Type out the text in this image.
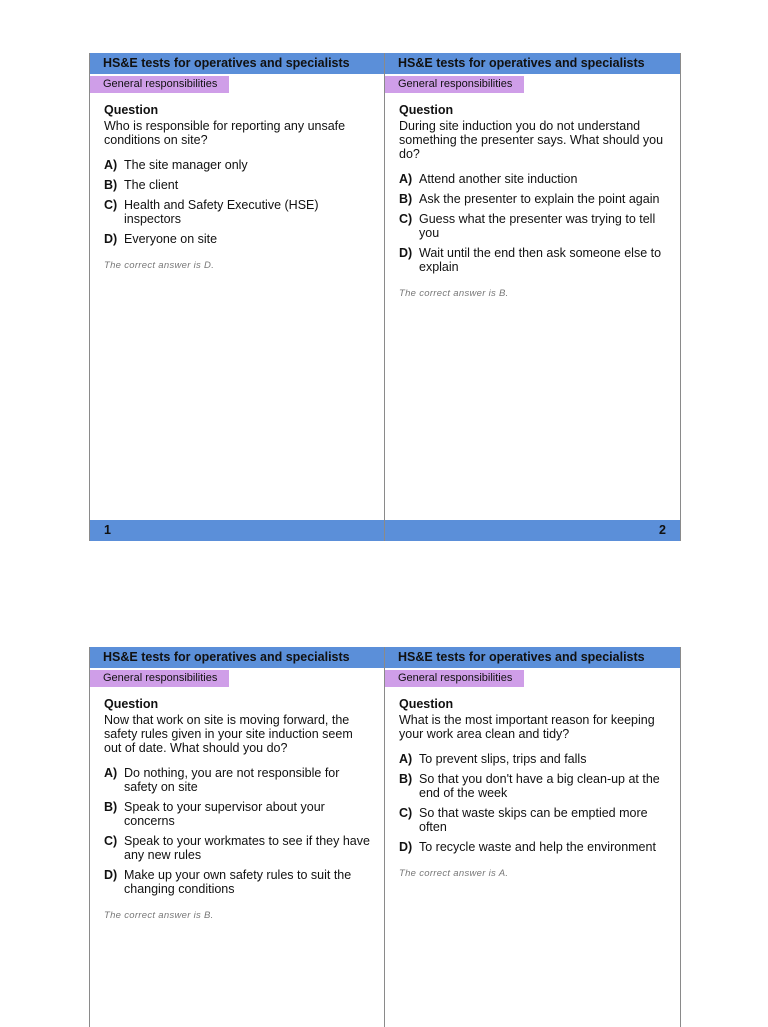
HS&E tests for operatives and specialists
General responsibilities
Question
Who is responsible for reporting any unsafe conditions on site?
A) The site manager only
B) The client
C) Health and Safety Executive (HSE) inspectors
D) Everyone on site
The correct answer is D.
1
HS&E tests for operatives and specialists
General responsibilities
Question
During site induction you do not understand something the presenter says. What should you do?
A) Attend another site induction
B) Ask the presenter to explain the point again
C) Guess what the presenter was trying to tell you
D) Wait until the end then ask someone else to explain
The correct answer is B.
2
HS&E tests for operatives and specialists
General responsibilities
Question
Now that work on site is moving forward, the safety rules given in your site induction seem out of date. What should you do?
A) Do nothing, you are not responsible for safety on site
B) Speak to your supervisor about your concerns
C) Speak to your workmates to see if they have any new rules
D) Make up your own safety rules to suit the changing conditions
The correct answer is B.
HS&E tests for operatives and specialists
General responsibilities
Question
What is the most important reason for keeping your work area clean and tidy?
A) To prevent slips, trips and falls
B) So that you don't have a big clean-up at the end of the week
C) So that waste skips can be emptied more often
D) To recycle waste and help the environment
The correct answer is A.
